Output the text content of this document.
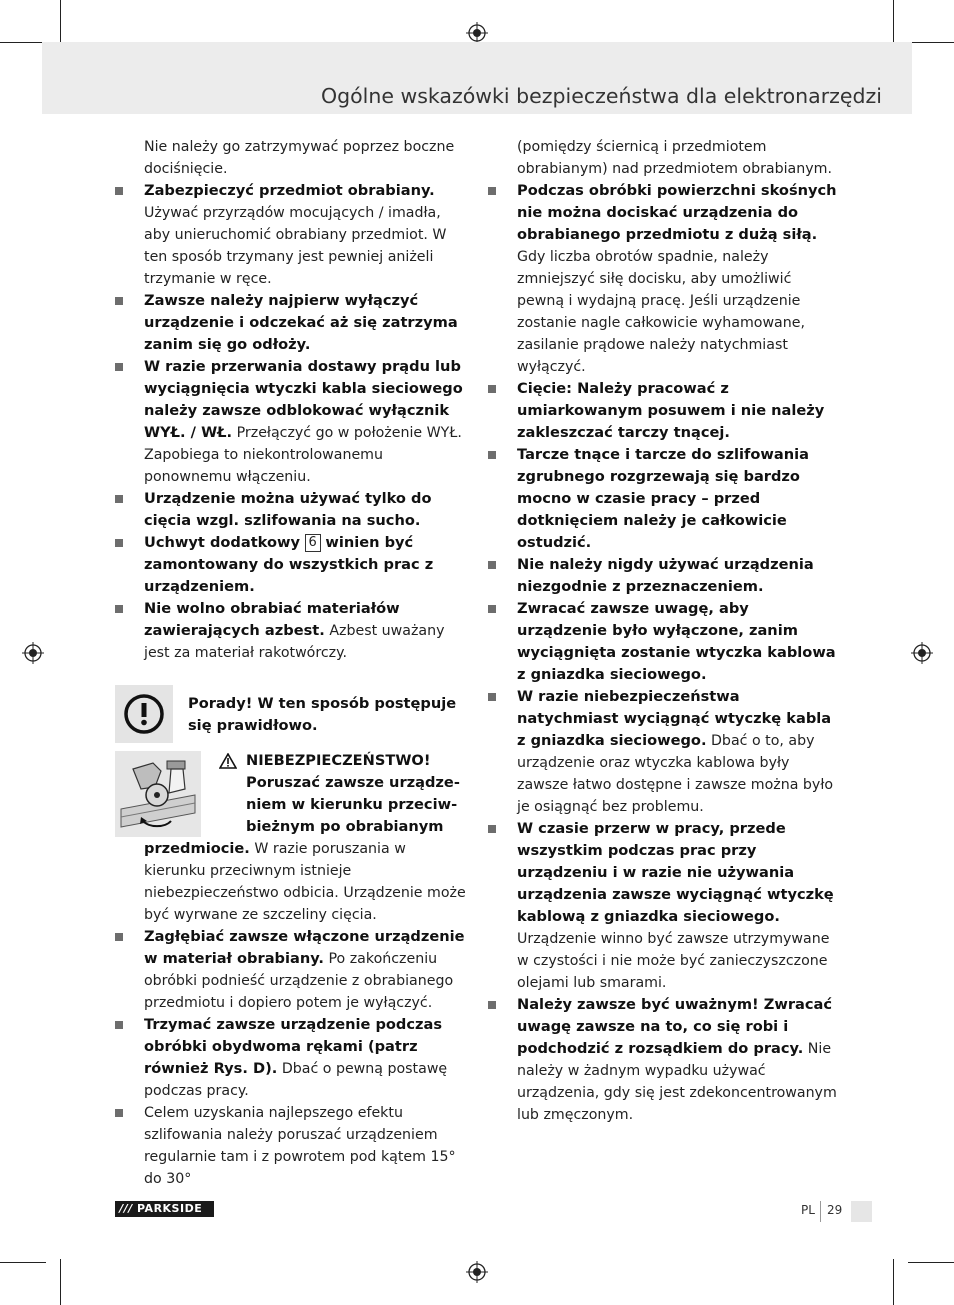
Ogólne wskazówki bezpieczeństwa dla elektronarzędzi

Nie należy go zatrzymywać poprzez boczne dociśnięcie.

Zabezpieczyć przedmiot obrabiany. Używać przyrządów mocujących / imadła, aby unieruchomić obrabiany przedmiot. W ten sposób trzymany jest pewniej aniżeli trzymanie w ręce.
Zawsze należy najpierw wyłączyć urządzenie i odczekać aż się zatrzyma zanim się go odłoży.
W razie przerwania dostawy prądu lub wyciągnięcia wtyczki kabla sieciowego należy zawsze odblokować wyłącznik WYŁ. / WŁ. Przełączyć go w położenie WYŁ. Zapobiega to niekontrolowanemu ponownemu włączeniu.
Urządzenie można używać tylko do cięcia wzgl. szlifowania na sucho.
Uchwyt dodatkowy 6 winien być zamontowany do wszystkich prac z urządzeniem.
Nie wolno obrabiać materiałów zawierających azbest. Azbest uważany jest za materiał rakotwórczy.

Porady! W ten sposób postępuje się prawidłowo.

NIEBEZPIECZEŃSTWO!
Poruszać zawsze urządze-
niem w kierunku przeciw-
bieżnym po obrabianym
przedmiocie. W razie poruszania w kierunku przeciwnym istnieje niebezpieczeństwo odbicia. Urządzenie może być wyrwane ze szczeliny cięcia.
Zagłębiać zawsze włączone urządzenie w materiał obrabiany. Po zakończeniu obróbki podnieść urządzenie z obrabianego przedmiotu i dopiero potem je wyłączyć.
Trzymać zawsze urządzenie podczas obróbki obydwoma rękami (patrz również Rys. D). Dbać o pewną postawę podczas pracy.
Celem uzyskania najlepszego efektu szlifowania należy poruszać urządzeniem regularnie tam i z powrotem pod kątem 15° do 30°

(pomiędzy ściernicą i przedmiotem obrabianym) nad przedmiotem obrabianym.

Podczas obróbki powierzchni skośnych nie można dociskać urządzenia do obrabianego przedmiotu z dużą siłą. Gdy liczba obrotów spadnie, należy zmniejszyć siłę docisku, aby umożliwić pewną i wydajną pracę. Jeśli urządzenie zostanie nagle całkowicie wyhamowane, zasilanie prądowe należy natychmiast wyłączyć.
Cięcie: Należy pracować z umiarkowanym posuwem i nie należy zakleszczać tarczy tnącej.
Tarcze tnące i tarcze do szlifowania zgrubnego rozgrzewają się bardzo mocno w czasie pracy – przed dotknięciem należy je całkowicie ostudzić.
Nie należy nigdy używać urządzenia niezgodnie z przeznaczeniem.
Zwracać zawsze uwagę, aby urządzenie było wyłączone, zanim wyciągnięta zostanie wtyczka kablowa z gniazdka sieciowego.
W razie niebezpieczeństwa natychmiast wyciągnąć wtyczkę kabla z gniazdka sieciowego. Dbać o to, aby urządzenie oraz wtyczka kablowa były zawsze łatwo dostępne i zawsze można było je osiągnąć bez problemu.
W czasie przerw w pracy, przede wszystkim podczas prac przy urządzeniu i w razie nie używania urządzenia zawsze wyciągnąć wtyczkę kablową z gniazdka sieciowego. Urządzenie winno być zawsze utrzymywane w czystości i nie może być zanieczyszczone olejami lub smarami.
Należy zawsze być uważnym! Zwracać uwagę zawsze na to, co się robi i podchodzić z rozsądkiem do pracy. Nie należy w żadnym wypadku używać urządzenia, gdy się jest zdekoncentrowanym lub zmęczonym.
/// PARKSIDE	PL 29
